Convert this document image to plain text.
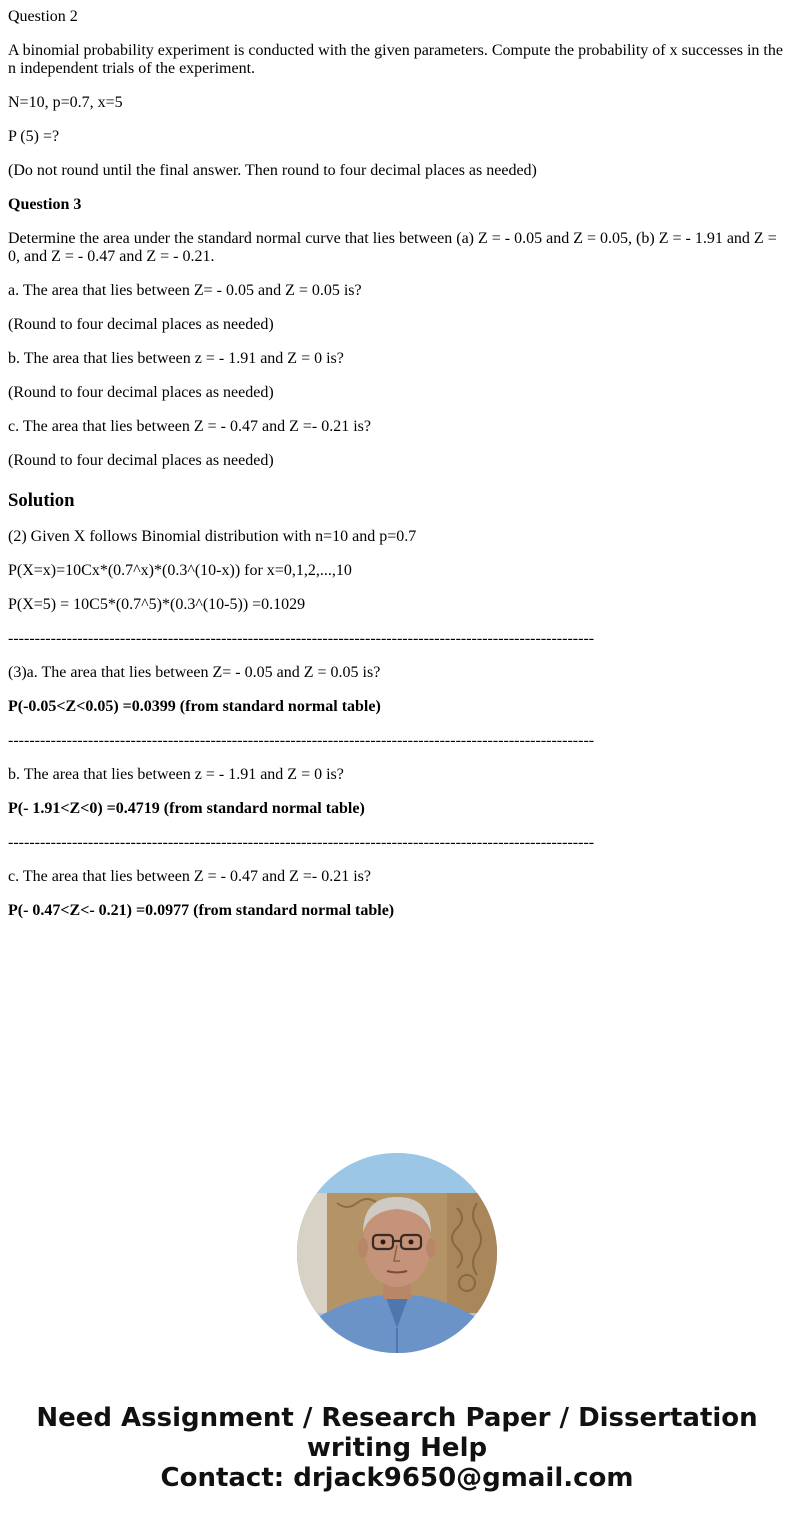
Question 2

A binomial probability experiment is conducted with the given parameters. Compute the probability of x successes in the n independent trials of the experiment.

N=10, p=0.7, x=5

P (5) =?

(Do not round until the final answer. Then round to four decimal places as needed)

Question 3

Determine the area under the standard normal curve that lies between (a) Z = - 0.05 and Z = 0.05, (b) Z = - 1.91 and Z = 0, and Z = - 0.47 and Z = - 0.21.

a. The area that lies between Z= - 0.05 and Z = 0.05 is?

(Round to four decimal places as needed)

b. The area that lies between z = - 1.91 and Z = 0 is?

(Round to four decimal places as needed)

c. The area that lies between Z = - 0.47 and Z =- 0.21 is?

(Round to four decimal places as needed)

Solution

(2) Given X follows Binomial distribution with n=10 and p=0.7

P(X=x)=10Cx*(0.7^x)*(0.3^(10-x)) for x=0,1,2,...,10

P(X=5) = 10C5*(0.7^5)*(0.3^(10-5)) =0.1029

--------------------------------------------------------------------------------------------------------------

(3)a. The area that lies between Z= - 0.05 and Z = 0.05 is?

P(-0.05<Z<0.05) =0.0399 (from standard normal table)

--------------------------------------------------------------------------------------------------------------

b. The area that lies between z = - 1.91 and Z = 0 is?

P(- 1.91<Z<0) =0.4719 (from standard normal table)

--------------------------------------------------------------------------------------------------------------

c. The area that lies between Z = - 0.47 and Z =- 0.21 is?

P(- 0.47<Z<- 0.21) =0.0977 (from standard normal table)

Need Assignment / Research Paper / Dissertation
writing Help
Contact: drjack9650@gmail.com
